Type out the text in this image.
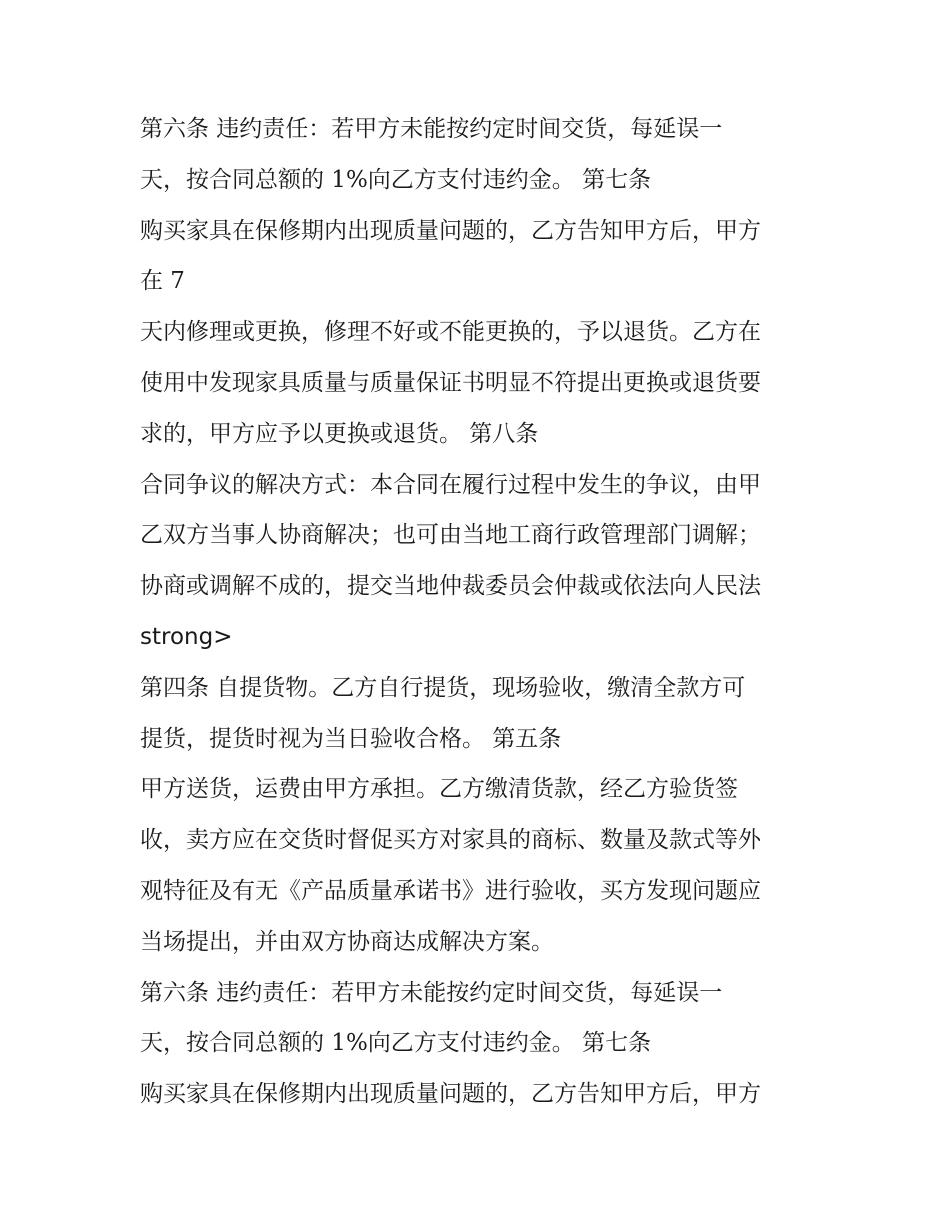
第六条 违约责任：若甲方未能按约定时间交货，每延误一
天，按合同总额的 1%向乙方支付违约金。 第七条
购买家具在保修期内出现质量问题的，乙方告知甲方后，甲方
在 7
天内修理或更换，修理不好或不能更换的，予以退货。乙方在
使用中发现家具质量与质量保证书明显不符提出更换或退货要
求的，甲方应予以更换或退货。 第八条
合同争议的解决方式：本合同在履行过程中发生的争议，由甲
乙双方当事人协商解决；也可由当地工商行政管理部门调解；
协商或调解不成的，提交当地仲裁委员会仲裁或依法向人民法
strong>
第四条 自提货物。乙方自行提货，现场验收，缴清全款方可
提货，提货时视为当日验收合格。 第五条
甲方送货，运费由甲方承担。乙方缴清货款，经乙方验货签
收，卖方应在交货时督促买方对家具的商标、数量及款式等外
观特征及有无《产品质量承诺书》进行验收，买方发现问题应
当场提出，并由双方协商达成解决方案。
第六条 违约责任：若甲方未能按约定时间交货，每延误一
天，按合同总额的 1%向乙方支付违约金。 第七条
购买家具在保修期内出现质量问题的，乙方告知甲方后，甲方
